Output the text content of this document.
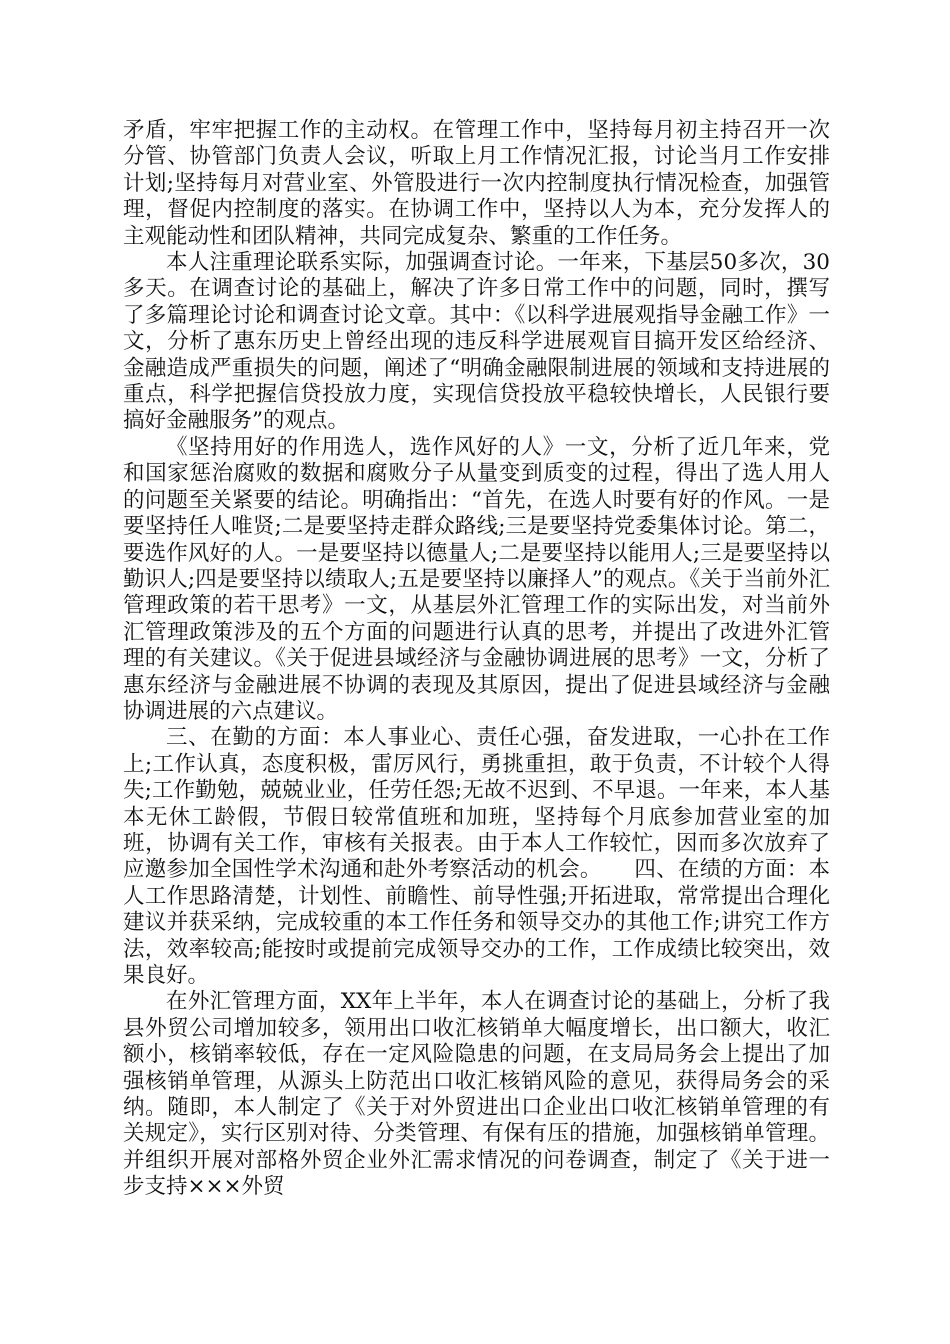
矛盾，牢牢把握工作的主动权。在管理工作中，坚持每月初主持召开一次分管、协管部门负责人会议，听取上月工作情况汇报，讨论当月工作安排计划;坚持每月对营业室、外管股进行一次内控制度执行情况检查，加强管理，督促内控制度的落实。在协调工作中，坚持以人为本，充分发挥人的主观能动性和团队精神，共同完成复杂、繁重的工作任务。

本人注重理论联系实际，加强调查讨论。一年来，下基层50多次，30多天。在调查讨论的基础上，解决了许多日常工作中的问题，同时，撰写了多篇理论讨论和调查讨论文章。其中：《以科学进展观指导金融工作》一文，分析了惠东历史上曾经出现的违反科学进展观盲目搞开发区给经济、金融造成严重损失的问题，阐述了“明确金融限制进展的领域和支持进展的重点，科学把握信贷投放力度，实现信贷投放平稳较快增长，人民银行要搞好金融服务”的观点。

《坚持用好的作用选人，选作风好的人》一文，分析了近几年来，党和国家惩治腐败的数据和腐败分子从量变到质变的过程，得出了选人用人的问题至关紧要的结论。明确指出：“首先，在选人时要有好的作风。一是要坚持任人唯贤;二是要坚持走群众路线;三是要坚持党委集体讨论。第二，要选作风好的人。一是要坚持以德量人;二是要坚持以能用人;三是要坚持以勤识人;四是要坚持以绩取人;五是要坚持以廉择人”的观点。《关于当前外汇管理政策的若干思考》一文，从基层外汇管理工作的实际出发，对当前外汇管理政策涉及的五个方面的问题进行认真的思考，并提出了改进外汇管理的有关建议。《关于促进县域经济与金融协调进展的思考》一文，分析了惠东经济与金融进展不协调的表现及其原因，提出了促进县域经济与金融协调进展的六点建议。

三、在勤的方面：本人事业心、责任心强，奋发进取，一心扑在工作上;工作认真，态度积极，雷厉风行，勇挑重担，敢于负责，不计较个人得失;工作勤勉，兢兢业业，任劳任怨;无故不迟到、不早退。一年来，本人基本无休工龄假，节假日较常值班和加班，坚持每个月底参加营业室的加班，协调有关工作，审核有关报表。由于本人工作较忙，因而多次放弃了应邀参加全国性学术沟通和赴外考察活动的机会。　　四、在绩的方面：本人工作思路清楚，计划性、前瞻性、前导性强;开拓进取，常常提出合理化建议并获采纳，完成较重的本工作任务和领导交办的其他工作;讲究工作方法，效率较高;能按时或提前完成领导交办的工作，工作成绩比较突出，效果良好。

在外汇管理方面，XX年上半年，本人在调查讨论的基础上，分析了我县外贸公司增加较多，领用出口收汇核销单大幅度增长，出口额大，收汇额小，核销率较低，存在一定风险隐患的问题，在支局局务会上提出了加强核销单管理，从源头上防范出口收汇核销风险的意见，获得局务会的采纳。随即，本人制定了《关于对外贸进出口企业出口收汇核销单管理的有关规定》，实行区别对待、分类管理、有保有压的措施，加强核销单管理。并组织开展对部格外贸企业外汇需求情况的问卷调查，制定了《关于进一步支持×××外贸
